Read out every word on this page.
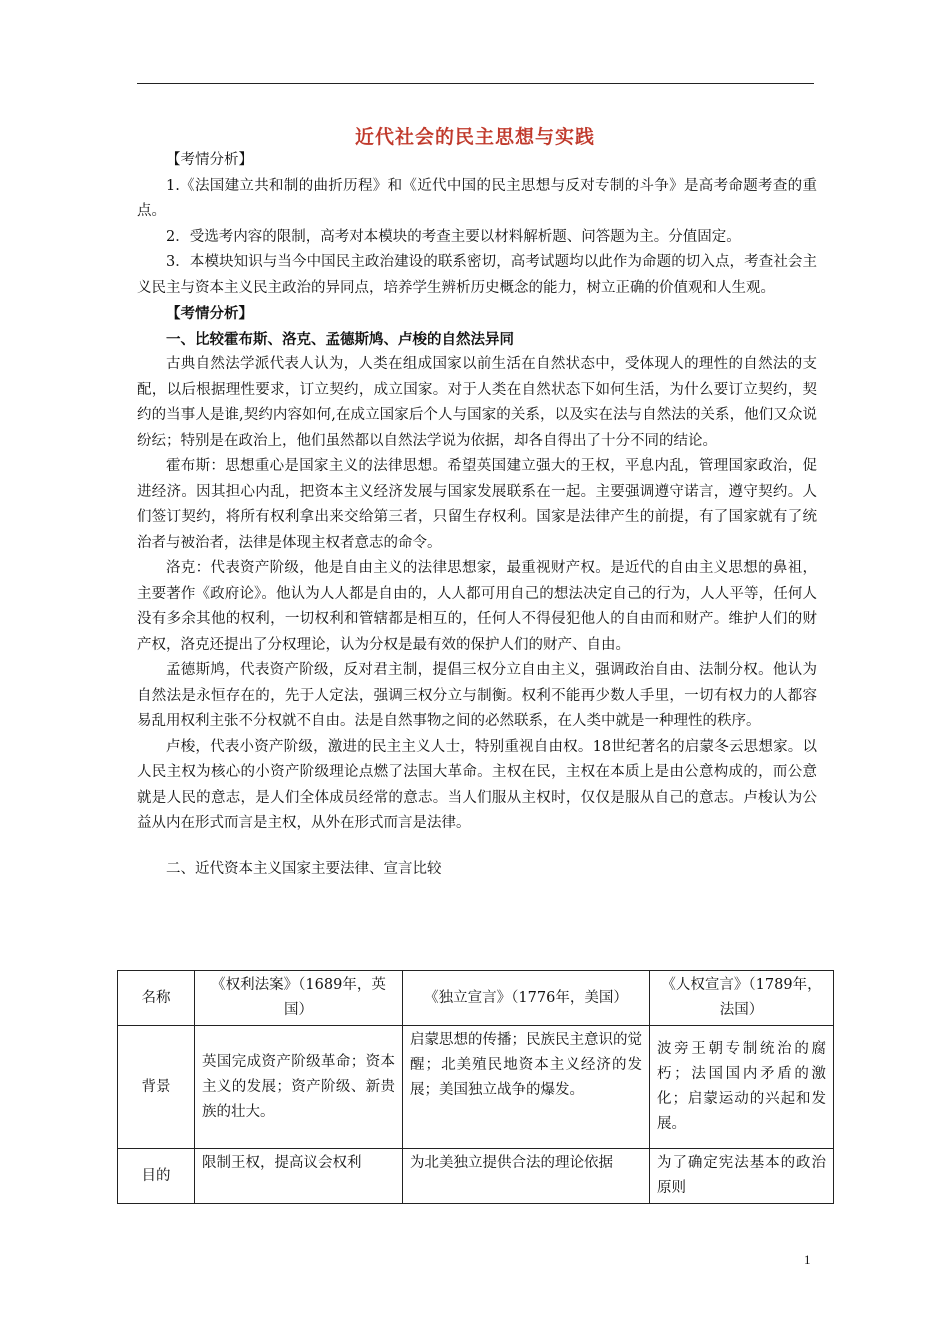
近代社会的民主思想与实践

【考情分析】

1.《法国建立共和制的曲折历程》和《近代中国的民主思想与反对专制的斗争》是高考命题考查的重点。

2．受选考内容的限制，高考对本模块的考查主要以材料解析题、问答题为主。分值固定。

3．本模块知识与当今中国民主政治建设的联系密切，高考试题均以此作为命题的切入点，考查社会主义民主与资本主义民主政治的异同点，培养学生辨析历史概念的能力，树立正确的价值观和人生观。

【考情分析】

一、比较霍布斯、洛克、孟德斯鸠、卢梭的自然法异同

古典自然法学派代表人认为，人类在组成国家以前生活在自然状态中，受体现人的理性的自然法的支配，以后根据理性要求，订立契约，成立国家。对于人类在自然状态下如何生活，为什么要订立契约，契约的当事人是谁,契约内容如何,在成立国家后个人与国家的关系，以及实在法与自然法的关系，他们又众说纷纭；特别是在政治上，他们虽然都以自然法学说为依据，却各自得出了十分不同的结论。

霍布斯：思想重心是国家主义的法律思想。希望英国建立强大的王权，平息内乱，管理国家政治，促进经济。因其担心内乱，把资本主义经济发展与国家发展联系在一起。主要强调遵守诺言，遵守契约。人们签订契约，将所有权利拿出来交给第三者，只留生存权利。国家是法律产生的前提，有了国家就有了统治者与被治者，法律是体现主权者意志的命令。

洛克：代表资产阶级，他是自由主义的法律思想家，最重视财产权。是近代的自由主义思想的鼻祖，主要著作《政府论》。他认为人人都是自由的，人人都可用自己的想法决定自己的行为，人人平等，任何人没有多余其他的权利，一切权利和管辖都是相互的，任何人不得侵犯他人的自由而和财产。维护人们的财产权，洛克还提出了分权理论，认为分权是最有效的保护人们的财产、自由。

孟德斯鸠，代表资产阶级，反对君主制，提倡三权分立自由主义，强调政治自由、法制分权。他认为自然法是永恒存在的，先于人定法，强调三权分立与制衡。权利不能再少数人手里，一切有权力的人都容易乱用权利主张不分权就不自由。法是自然事物之间的必然联系，在人类中就是一种理性的秩序。

卢梭，代表小资产阶级，激进的民主主义人士，特别重视自由权。18世纪著名的启蒙冬云思想家。以人民主权为核心的小资产阶级理论点燃了法国大革命。主权在民，主权在本质上是由公意构成的，而公意就是人民的意志，是人们全体成员经常的意志。当人们服从主权时，仅仅是服从自己的意志。卢梭认为公益从内在形式而言是主权，从外在形式而言是法律。

二、近代资本主义国家主要法律、宣言比较

名称	《权利法案》（1689年，英国）	《独立宣言》（1776年，美国）	《人权宣言》（1789年，法国）
背景	英国完成资产阶级革命；资本主义的发展；资产阶级、新贵族的壮大。	启蒙思想的传播；民族民主意识的觉醒；北美殖民地资本主义经济的发展；美国独立战争的爆发。	波旁王朝专制统治的腐朽；法国国内矛盾的激化；启蒙运动的兴起和发展。
目的	限制王权，提高议会权利	为北美独立提供合法的理论依据	为了确定宪法基本的政治原则
1
